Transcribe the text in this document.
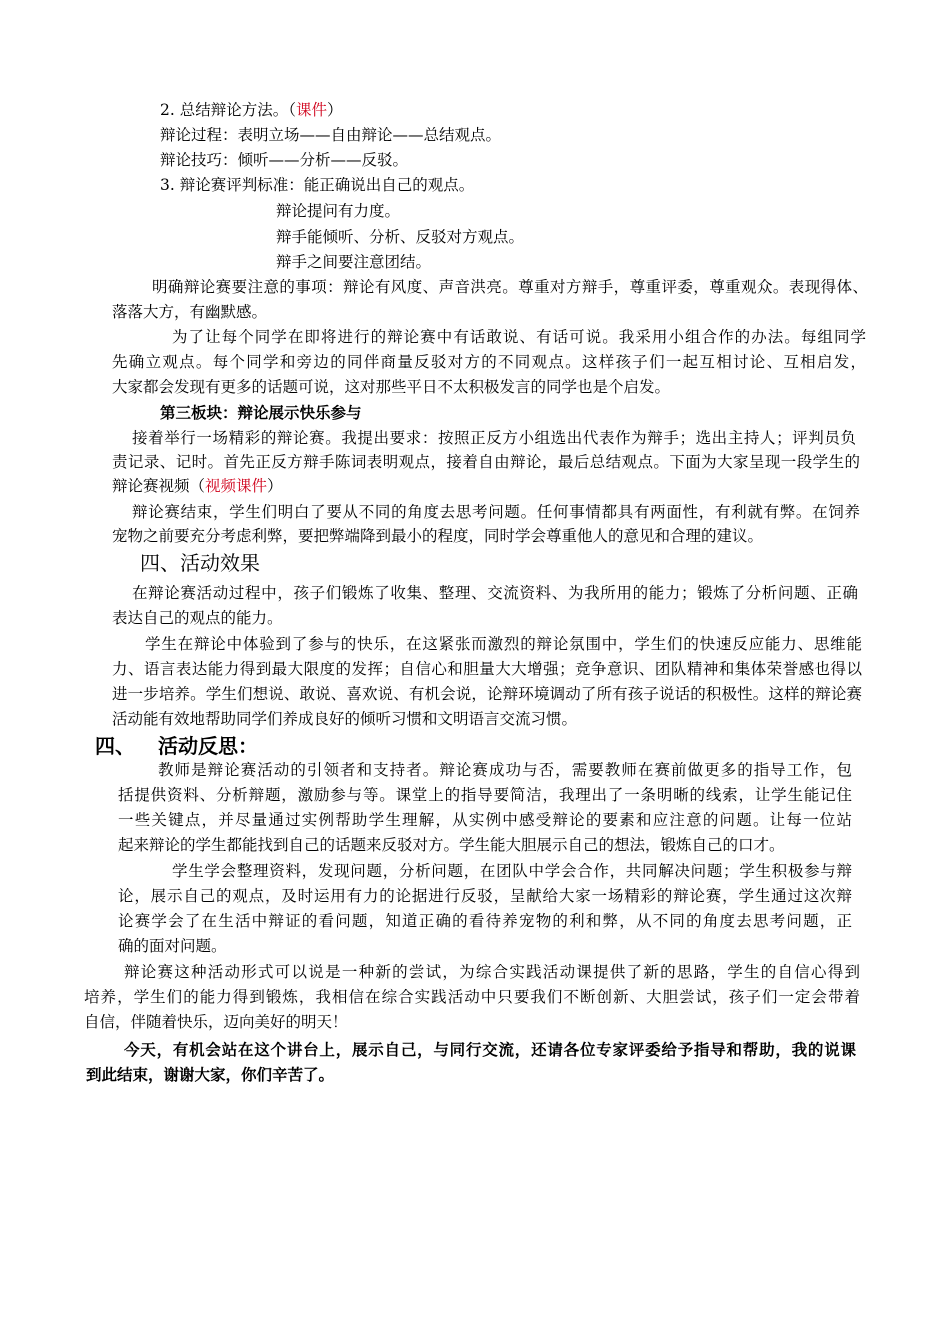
2. 总结辩论方法。（课件）
辩论过程：表明立场——自由辩论——总结观点。
辩论技巧：倾听——分析——反驳。
3. 辩论赛评判标准：能正确说出自己的观点。
辩论提问有力度。
辩手能倾听、分析、反驳对方观点。
辩手之间要注意团结。
明确辩论赛要注意的事项：辩论有风度、声音洪亮。尊重对方辩手，尊重评委，尊重观众。表现得体、
落落大方，有幽默感。
为了让每个同学在即将进行的辩论赛中有话敢说、有话可说。我采用小组合作的办法。每组同学
先确立观点。每个同学和旁边的同伴商量反驳对方的不同观点。这样孩子们一起互相讨论、互相启发，
大家都会发现有更多的话题可说，这对那些平日不太积极发言的同学也是个启发。
第三板块：辩论展示快乐参与
接着举行一场精彩的辩论赛。我提出要求：按照正反方小组选出代表作为辩手；选出主持人；评判员负
责记录、记时。首先正反方辩手陈词表明观点，接着自由辩论，最后总结观点。下面为大家呈现一段学生的
辩论赛视频（视频课件）
辩论赛结束，学生们明白了要从不同的角度去思考问题。任何事情都具有两面性，有利就有弊。在饲养
宠物之前要充分考虑利弊，要把弊端降到最小的程度，同时学会尊重他人的意见和合理的建议。
四、活动效果
在辩论赛活动过程中，孩子们锻炼了收集、整理、交流资料、为我所用的能力；锻炼了分析问题、正确
表达自己的观点的能力。
学生在辩论中体验到了参与的快乐，在这紧张而激烈的辩论氛围中，学生们的快速反应能力、思维能
力、语言表达能力得到最大限度的发挥；自信心和胆量大大增强；竞争意识、团队精神和集体荣誉感也得以
进一步培养。学生们想说、敢说、喜欢说、有机会说，论辩环境调动了所有孩子说话的积极性。这样的辩论赛
活动能有效地帮助同学们养成良好的倾听习惯和文明语言交流习惯。
四、 活动反思：
教师是辩论赛活动的引领者和支持者。辩论赛成功与否，需要教师在赛前做更多的指导工作，包
括提供资料、分析辩题，激励参与等。课堂上的指导要简洁，我理出了一条明晰的线索，让学生能记住
一些关键点，并尽量通过实例帮助学生理解，从实例中感受辩论的要素和应注意的问题。让每一位站
起来辩论的学生都能找到自己的话题来反驳对方。学生能大胆展示自己的想法，锻炼自己的口才。
学生学会整理资料，发现问题，分析问题，在团队中学会合作，共同解决问题；学生积极参与辩
论，展示自己的观点，及时运用有力的论据进行反驳，呈献给大家一场精彩的辩论赛，学生通过这次辩
论赛学会了在生活中辩证的看问题，知道正确的看待养宠物的利和弊，从不同的角度去思考问题，正
确的面对问题。
辩论赛这种活动形式可以说是一种新的尝试，为综合实践活动课提供了新的思路，学生的自信心得到
培养，学生们的能力得到锻炼，我相信在综合实践活动中只要我们不断创新、大胆尝试，孩子们一定会带着
自信，伴随着快乐，迈向美好的明天！
今天，有机会站在这个讲台上，展示自己，与同行交流，还请各位专家评委给予指导和帮助，我的说课
到此结束，谢谢大家，你们辛苦了。
